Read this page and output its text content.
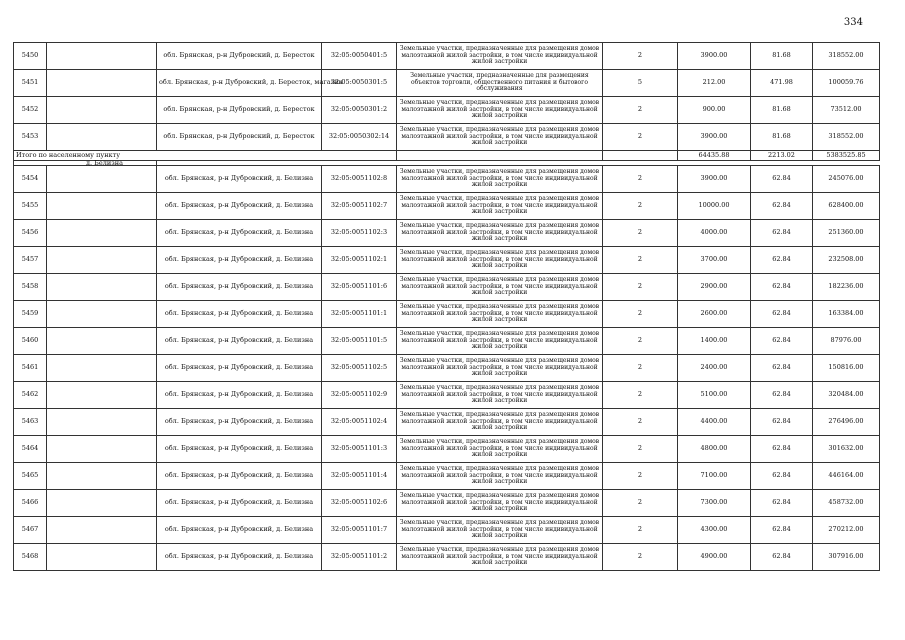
334
5450		обл. Брянская, р-н Дубровский, д. Бересток	32:05:0050401:5	Земельные участки, предназначенные для размещения домов малоэтажной жилой застройки, в том числе индивидуальной жилой застройки	2	3900.00	81.68	318552.00
5451		обл. Брянская, р-н Дубровский, д. Бересток, магазин	32:05:0050301:5	Земельные участки, предназначенные для размещения объектов торговли, общественного питания и бытового обслуживания	5	212.00	471.98	100059.76
5452		обл. Брянская, р-н Дубровский, д. Бересток	32:05:0050301:2	Земельные участки, предназначенные для размещения домов малоэтажной жилой застройки, в том числе индивидуальной жилой застройки	2	900.00	81.68	73512.00
5453		обл. Брянская, р-н Дубровский, д. Бересток	32:05:0050302:14	Земельные участки, предназначенные для размещения домов малоэтажной жилой застройки, в том числе индивидуальной жилой застройки	2	3900.00	81.68	318552.00
Итого по населенному пункту						64435.88	2213.02	5383525.85

д. Белизна								

5454		обл. Брянская, р-н Дубровский, д. Белизна	32:05:0051102:8	Земельные участки, предназначенные для размещения домов малоэтажной жилой застройки, в том числе индивидуальной жилой застройки	2	3900.00	62.84	245076.00
5455		обл. Брянская, р-н Дубровский, д. Белизна	32:05:0051102:7	Земельные участки, предназначенные для размещения домов малоэтажной жилой застройки, в том числе индивидуальной жилой застройки	2	10000.00	62.84	628400.00
5456		обл. Брянская, р-н Дубровский, д. Белизна	32:05:0051102:3	Земельные участки, предназначенные для размещения домов малоэтажной жилой застройки, в том числе индивидуальной жилой застройки	2	4000.00	62.84	251360.00
5457		обл. Брянская, р-н Дубровский, д. Белизна	32:05:0051102:1	Земельные участки, предназначенные для размещения домов малоэтажной жилой застройки, в том числе индивидуальной жилой застройки	2	3700.00	62.84	232508.00
5458		обл. Брянская, р-н Дубровский, д. Белизна	32:05:0051101:6	Земельные участки, предназначенные для размещения домов малоэтажной жилой застройки, в том числе индивидуальной жилой застройки	2	2900.00	62.84	182236.00
5459		обл. Брянская, р-н Дубровский, д. Белизна	32:05:0051101:1	Земельные участки, предназначенные для размещения домов малоэтажной жилой застройки, в том числе индивидуальной жилой застройки	2	2600.00	62.84	163384.00
5460		обл. Брянская, р-н Дубровский, д. Белизна	32:05:0051101:5	Земельные участки, предназначенные для размещения домов малоэтажной жилой застройки, в том числе индивидуальной жилой застройки	2	1400.00	62.84	87976.00
5461		обл. Брянская, р-н Дубровский, д. Белизна	32:05:0051102:5	Земельные участки, предназначенные для размещения домов малоэтажной жилой застройки, в том числе индивидуальной жилой застройки	2	2400.00	62.84	150816.00
5462		обл. Брянская, р-н Дубровский, д. Белизна	32:05:0051102:9	Земельные участки, предназначенные для размещения домов малоэтажной жилой застройки, в том числе индивидуальной жилой застройки	2	5100.00	62.84	320484.00
5463		обл. Брянская, р-н Дубровский, д. Белизна	32:05:0051102:4	Земельные участки, предназначенные для размещения домов малоэтажной жилой застройки, в том числе индивидуальной жилой застройки	2	4400.00	62.84	276496.00
5464		обл. Брянская, р-н Дубровский, д. Белизна	32:05:0051101:3	Земельные участки, предназначенные для размещения домов малоэтажной жилой застройки, в том числе индивидуальной жилой застройки	2	4800.00	62.84	301632.00
5465		обл. Брянская, р-н Дубровский, д. Белизна	32:05:0051101:4	Земельные участки, предназначенные для размещения домов малоэтажной жилой застройки, в том числе индивидуальной жилой застройки	2	7100.00	62.84	446164.00
5466		обл. Брянская, р-н Дубровский, д. Белизна	32:05:0051102:6	Земельные участки, предназначенные для размещения домов малоэтажной жилой застройки, в том числе индивидуальной жилой застройки	2	7300.00	62.84	458732.00
5467		обл. Брянская, р-н Дубровский, д. Белизна	32:05:0051101:7	Земельные участки, предназначенные для размещения домов малоэтажной жилой застройки, в том числе индивидуальной жилой застройки	2	4300.00	62.84	270212.00
5468		обл. Брянская, р-н Дубровский, д. Белизна	32:05:0051101:2	Земельные участки, предназначенные для размещения домов малоэтажной жилой застройки, в том числе индивидуальной жилой застройки	2	4900.00	62.84	307916.00
